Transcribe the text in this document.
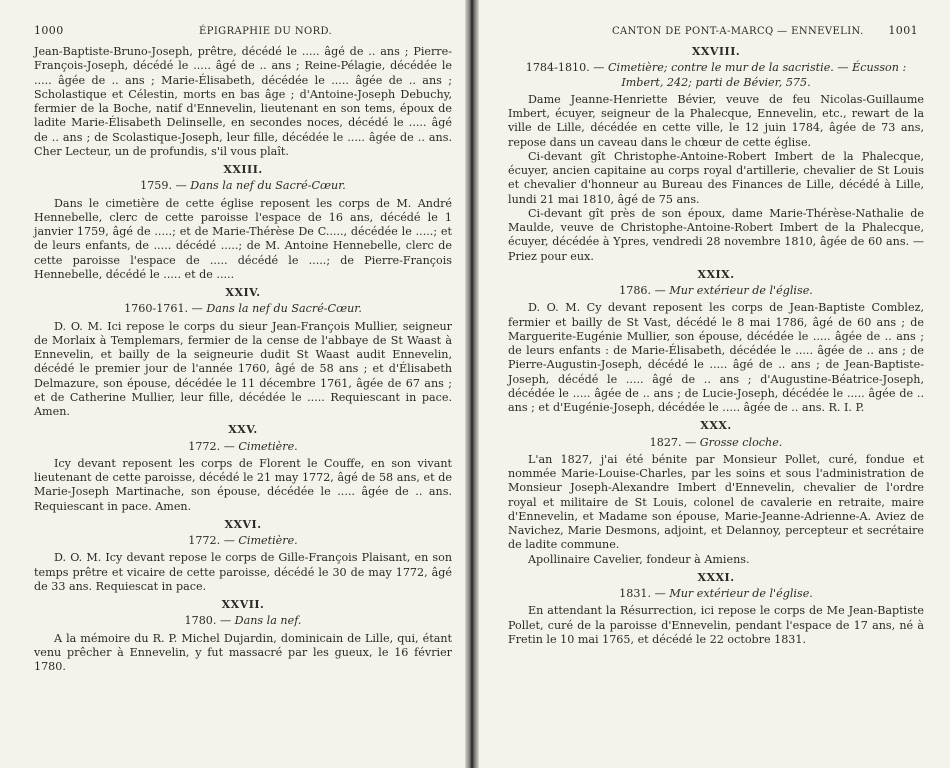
1000	ÉPIGRAPHIE DU NORD.

Jean-Baptiste-Bruno-Joseph, prêtre, décédé le ..... âgé de .. ans ; Pierre-François-Joseph, décédé le ..... âgé de .. ans ; Reine-Pélagie, décédée le ..... âgée de .. ans ; Marie-Élisabeth, décédée le ..... âgée de .. ans ; Scholastique et Célestin, morts en bas âge ; d'Antoine-Joseph Debuchy, fermier de la Boche, natif d'Ennevelin, lieutenant en son tems, époux de ladite Marie-Élisabeth Delinselle, en secondes noces, décédé le ..... âgé de .. ans ; de Scolastique-Joseph, leur fille, décédée le ..... âgée de .. ans. Cher Lecteur, un de profundis, s'il vous plaît.

XXIII.
1759. — Dans la nef du Sacré-Cœur.

Dans le cimetière de cette église reposent les corps de M. André Hennebelle, clerc de cette paroisse l'espace de 16 ans, décédé le 1 janvier 1759, âgé de .....; et de Marie-Thérèse De C....., décédée le .....; et de leurs enfants, de ..... décédé .....; de M. Antoine Hennebelle, clerc de cette paroisse l'espace de ..... décédé le .....; de Pierre-François Hennebelle, décédé le ..... et de .....

XXIV.
1760-1761. — Dans la nef du Sacré-Cœur.

D. O. M. Ici repose le corps du sieur Jean-François Mullier, seigneur de Morlaix à Templemars, fermier de la cense de l'abbaye de St Waast à Ennevelin, et bailly de la seigneurie dudit St Waast audit Ennevelin, décédé le premier jour de l'année 1760, âgé de 58 ans ; et d'Élisabeth Delmazure, son épouse, décédée le 11 décembre 1761, âgée de 67 ans ; et de Catherine Mullier, leur fille, décédée le ..... Requiescant in pace. Amen.

XXV.
1772. — Cimetière.

Icy devant reposent les corps de Florent le Couffe, en son vivant lieutenant de cette paroisse, décédé le 21 may 1772, âgé de 58 ans, et de Marie-Joseph Martinache, son épouse, décédée le ..... âgée de .. ans. Requiescant in pace. Amen.

XXVI.
1772. — Cimetière.

D. O. M. Icy devant repose le corps de Gille-François Plaisant, en son temps prêtre et vicaire de cette paroisse, décédé le 30 de may 1772, âgé de 33 ans. Requiescat in pace.

XXVII.
1780. — Dans la nef.

A la mémoire du R. P. Michel Dujardin, dominicain de Lille, qui, étant venu prêcher à Ennevelin, y fut massacré par les gueux, le 16 février 1780.

CANTON DE PONT-A-MARCQ — ENNEVELIN. 1001
XXVIII.
1784-1810. — Cimetière; contre le mur de la sacristie. — Écusson : Imbert, 242; parti de Bévier, 575.

Dame Jeanne-Henriette Bévier, veuve de feu Nicolas-Guillaume Imbert, écuyer, seigneur de la Phalecque, Ennevelin, etc., rewart de la ville de Lille, décédée en cette ville, le 12 juin 1784, âgée de 73 ans, repose dans un caveau dans le chœur de cette église.

Ci-devant gît Christophe-Antoine-Robert Imbert de la Phalecque, écuyer, ancien capitaine au corps royal d'artillerie, chevalier de St Louis et chevalier d'honneur au Bureau des Finances de Lille, décédé à Lille, lundi 21 mai 1810, âgé de 75 ans.

Ci-devant gît près de son époux, dame Marie-Thérèse-Nathalie de Maulde, veuve de Christophe-Antoine-Robert Imbert de la Phalecque, écuyer, décédée à Ypres, vendredi 28 novembre 1810, âgée de 60 ans. — Priez pour eux.

XXIX.
1786. — Mur extérieur de l'église.

D. O. M. Cy devant reposent les corps de Jean-Baptiste Comblez, fermier et bailly de St Vast, décédé le 8 mai 1786, âgé de 60 ans ; de Marguerite-Eugénie Mullier, son épouse, décédée le ..... âgée de .. ans ; de leurs enfants : de Marie-Élisabeth, décédée le ..... âgée de .. ans ; de Pierre-Augustin-Joseph, décédé le ..... âgé de .. ans ; de Jean-Baptiste-Joseph, décédé le ..... âgé de .. ans ; d'Augustine-Béatrice-Joseph, décédée le ..... âgée de .. ans ; de Lucie-Joseph, décédée le ..... âgée de .. ans ; et d'Eugénie-Joseph, décédée le ..... âgée de .. ans. R. I. P.

XXX.
1827. — Grosse cloche.

L'an 1827, j'ai été bénite par Monsieur Pollet, curé, fondue et nommée Marie-Louise-Charles, par les soins et sous l'administration de Monsieur Joseph-Alexandre Imbert d'Ennevelin, chevalier de l'ordre royal et militaire de St Louis, colonel de cavalerie en retraite, maire d'Ennevelin, et Madame son épouse, Marie-Jeanne-Adrienne-A. Aviez de Navichez, Marie Desmons, adjoint, et Delannoy, percepteur et secrétaire de ladite commune.

Apollinaire Cavelier, fondeur à Amiens.

XXXI.
1831. — Mur extérieur de l'église.

En attendant la Résurrection, ici repose le corps de Me Jean-Baptiste Pollet, curé de la paroisse d'Ennevelin, pendant l'espace de 17 ans, né à Fretin le 10 mai 1765, et décédé le 22 octobre 1831.
